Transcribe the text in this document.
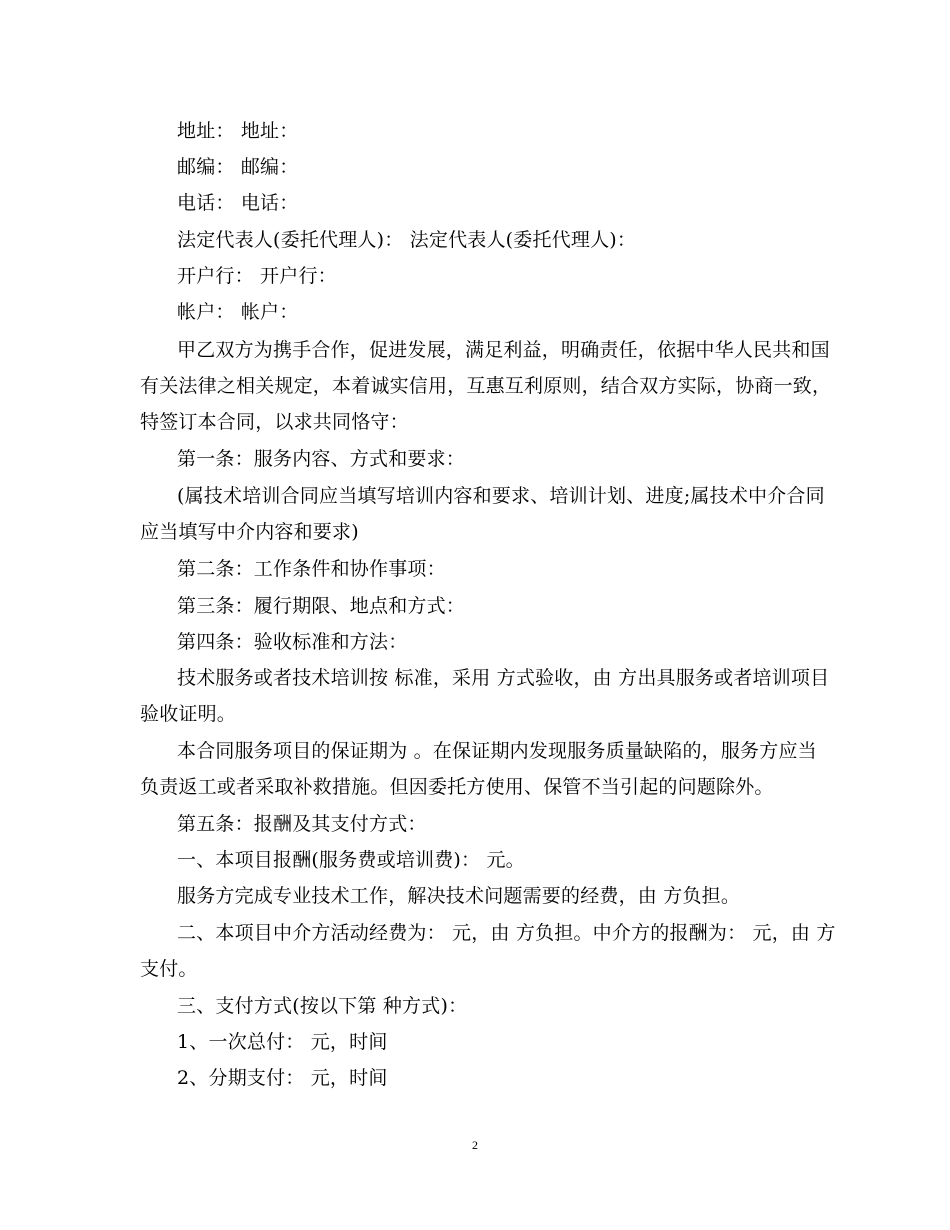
地址： 地址：
邮编： 邮编：
电话： 电话：
法定代表人(委托代理人)： 法定代表人(委托代理人)：
开户行： 开户行：
帐户： 帐户：
甲乙双方为携手合作，促进发展，满足利益，明确责任，依据中华人民共和国
有关法律之相关规定，本着诚实信用，互惠互利原则，结合双方实际，协商一致，
特签订本合同，以求共同恪守：
第一条：服务内容、方式和要求：
(属技术培训合同应当填写培训内容和要求、培训计划、进度;属技术中介合同
应当填写中介内容和要求)
第二条：工作条件和协作事项：
第三条：履行期限、地点和方式：
第四条：验收标准和方法：
技术服务或者技术培训按 标准，采用 方式验收，由 方出具服务或者培训项目
验收证明。
本合同服务项目的保证期为 。在保证期内发现服务质量缺陷的，服务方应当
负责返工或者采取补救措施。但因委托方使用、保管不当引起的问题除外。
第五条：报酬及其支付方式：
一、本项目报酬(服务费或培训费)： 元。
服务方完成专业技术工作，解决技术问题需要的经费，由 方负担。
二、本项目中介方活动经费为： 元，由 方负担。中介方的报酬为： 元，由 方
支付。
三、支付方式(按以下第 种方式)：
1、一次总付： 元，时间
2、分期支付： 元，时间
2
